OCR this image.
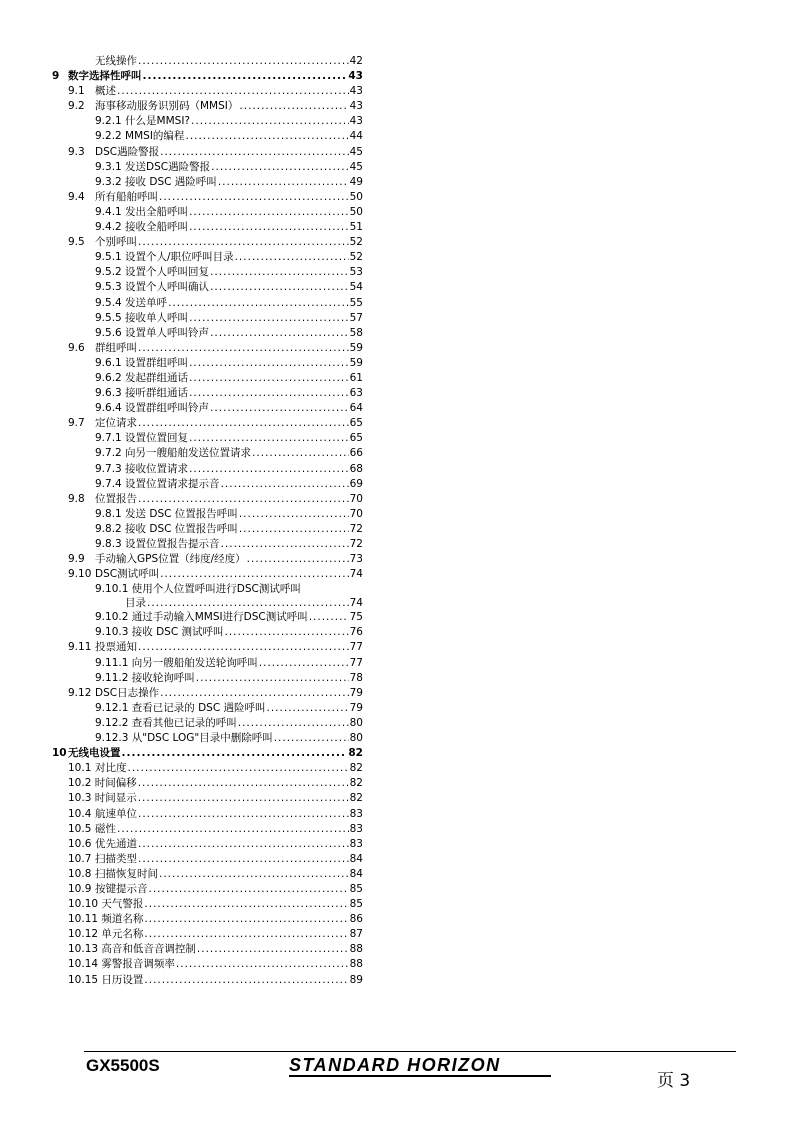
无线操作 .....	42
9 数字选择性呼叫 .....	43
9.1 概述 .....	43
9.2 海事移动服务识别码（MMSI） .....	43
9.2.1 什么是MMSI? .....	43
9.2.2 MMSI的编程 .....	44
9.3 DSC遇险警报 .....	45
9.3.1 发送DSC遇险警报 .....	45
9.3.2 接收 DSC 遇险呼叫 .....	49
9.4 所有船舶呼叫 .....	50
9.4.1 发出全船呼叫 .....	50
9.4.2 接收全船呼叫 .....	51
9.5 个别呼叫 .....	52
9.5.1 设置个人/职位呼叫目录 .....	52
9.5.2 设置个人呼叫回复 .....	53
9.5.3 设置个人呼叫确认 .....	54
9.5.4 发送单呼 .....	55
9.5.5 接收单人呼叫 .....	57
9.5.6 设置单人呼叫铃声 .....	58
9.6 群组呼叫 .....	59
9.6.1 设置群组呼叫 .....	59
9.6.2 发起群组通话 .....	61
9.6.3 接听群组通话 .....	63
9.6.4 设置群组呼叫铃声 .....	64
9.7 定位请求 .....	65
9.7.1 设置位置回复 .....	65
9.7.2 向另一艘船舶发送位置请求 .....	66
9.7.3 接收位置请求 .....	68
9.7.4 设置位置请求提示音 .....	69
9.8 位置报告 .....	70
9.8.1 发送 DSC 位置报告呼叫 .....	70
9.8.2 接收 DSC 位置报告呼叫 .....	72
9.8.3 设置位置报告提示音 .....	72
9.9 手动输入GPS位置（纬度/经度） .....	73
9.10 DSC测试呼叫 .....	74
9.10.1 使用个人位置呼叫进行DSC测试呼叫
目录 .....	74
9.10.2 通过手动输入MMSI进行DSC测试呼叫 .....	75
9.10.3 接收 DSC 测试呼叫 .....	76
9.11 投票通知 .....	77
9.11.1 向另一艘船舶发送轮询呼叫 .....	77
9.11.2 接收轮询呼叫 .....	78
9.12 DSC日志操作 .....	79
9.12.1 查看已记录的 DSC 遇险呼叫 .....	79
9.12.2 查看其他已记录的呼叫 .....	80
9.12.3 从"DSC LOG"目录中删除呼叫 .....	80
10 无线电设置 .....	82
10.1 对比度 .....	82
10.2 时间偏移 .....	82
10.3 时间显示 .....	82
10.4 航速单位 .....	83
10.5 磁性 .....	83
10.6 优先通道 .....	83
10.7 扫描类型 .....	84
10.8 扫描恢复时间 .....	84
10.9 按键提示音 .....	85
10.10 天气警报 .....	85
10.11 频道名称 .....	86
10.12 单元名称 .....	87
10.13 高音和低音音调控制 .....	88
10.14 雾警报音调频率 .....	88
10.15 日历设置 .....	89
GX5500S	STANDARD HORIZON
页 3
